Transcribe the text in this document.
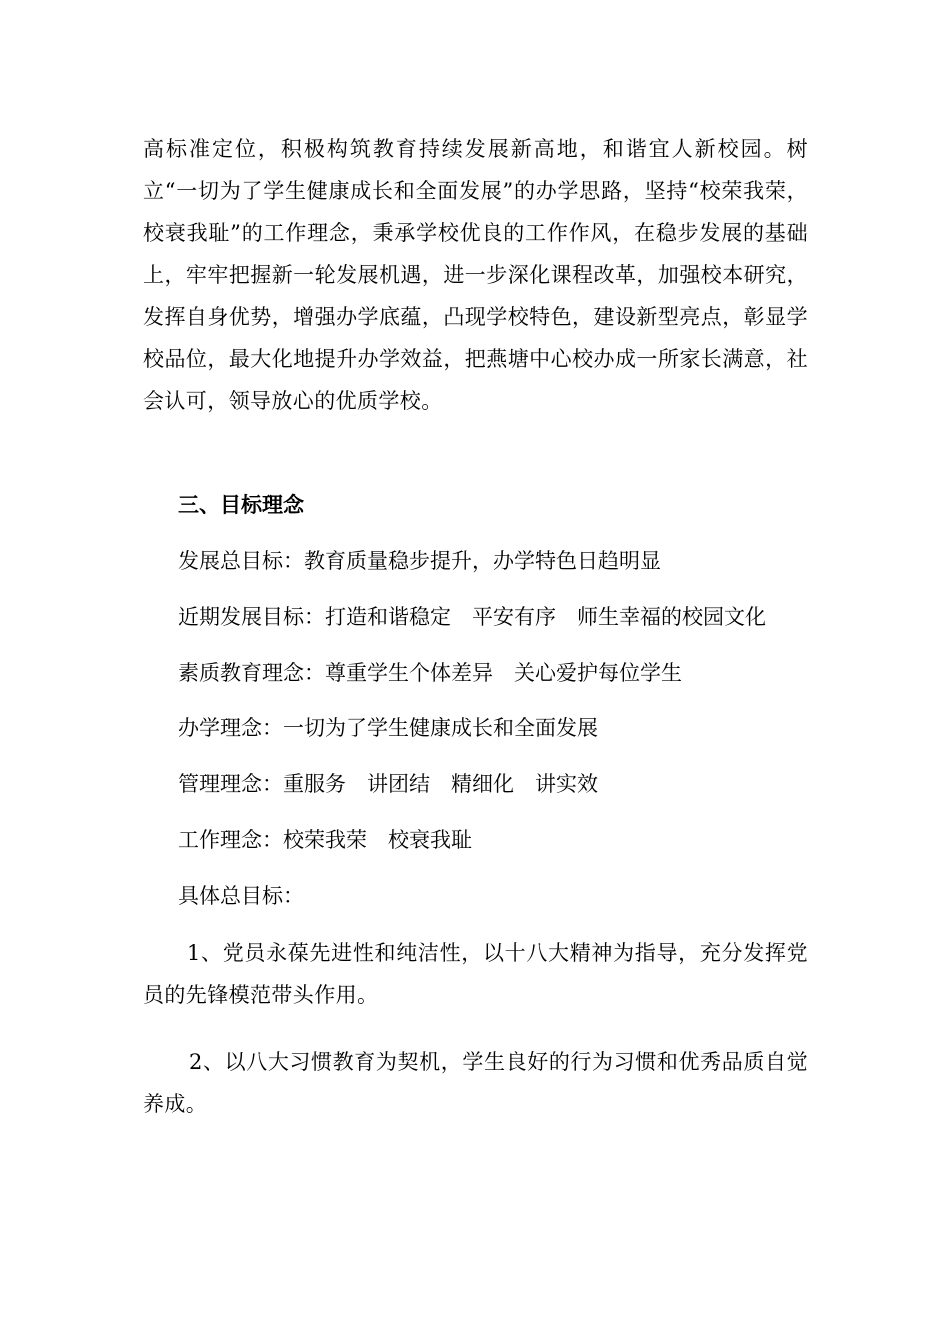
高标准定位，积极构筑教育持续发展新高地，和谐宜人新校园。树立“一切为了学生健康成长和全面发展”的办学思路，坚持“校荣我荣，校衰我耻”的工作理念，秉承学校优良的工作作风，在稳步发展的基础上，牢牢把握新一轮发展机遇，进一步深化课程改革，加强校本研究，发挥自身优势，增强办学底蕴，凸现学校特色，建设新型亮点，彰显学校品位，最大化地提升办学效益，把燕塘中心校办成一所家长满意，社会认可，领导放心的优质学校。

三、目标理念

发展总目标：教育质量稳步提升，办学特色日趋明显

近期发展目标：打造和谐稳定　平安有序　师生幸福的校园文化

素质教育理念：尊重学生个体差异　关心爱护每位学生

办学理念：一切为了学生健康成长和全面发展

管理理念：重服务　讲团结　精细化　讲实效

工作理念：校荣我荣　校衰我耻

具体总目标：

1、党员永葆先进性和纯洁性，以十八大精神为指导，充分发挥党员的先锋模范带头作用。

2、以八大习惯教育为契机，学生良好的行为习惯和优秀品质自觉养成。
